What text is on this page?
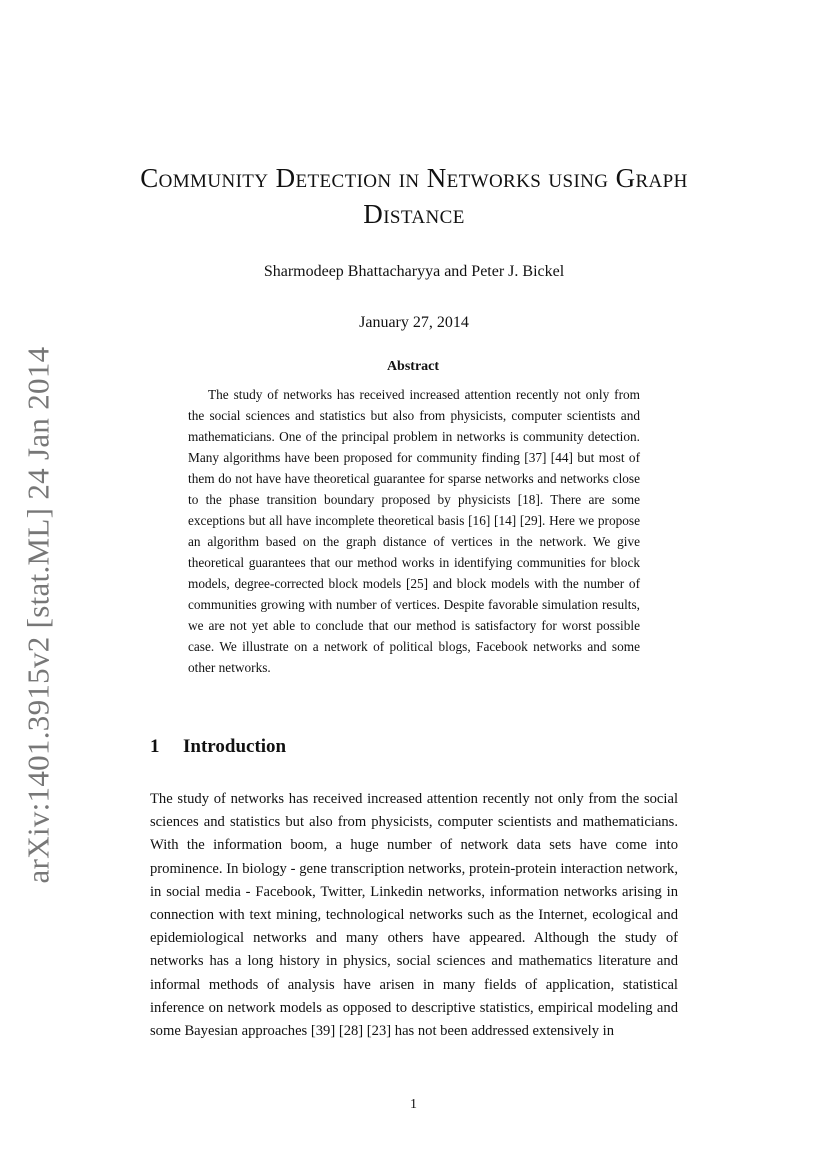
arXiv:1401.3915v2 [stat.ML] 24 Jan 2014
Community Detection in Networks using Graph Distance
Sharmodeep Bhattacharyya and Peter J. Bickel
January 27, 2014
Abstract

The study of networks has received increased attention recently not only from the social sciences and statistics but also from physicists, computer scientists and mathematicians. One of the principal problem in networks is community detection. Many algorithms have been proposed for community finding [37] [44] but most of them do not have have theoretical guarantee for sparse networks and networks close to the phase transition boundary proposed by physicists [18]. There are some exceptions but all have incomplete theoretical basis [16] [14] [29]. Here we propose an algorithm based on the graph distance of vertices in the network. We give theoretical guarantees that our method works in identifying communities for block models, degree-corrected block models [25] and block models with the number of communities growing with number of vertices. Despite favorable simulation results, we are not yet able to conclude that our method is satisfactory for worst possible case. We illustrate on a network of political blogs, Facebook networks and some other networks.

1 Introduction

The study of networks has received increased attention recently not only from the social sciences and statistics but also from physicists, computer scientists and mathematicians. With the information boom, a huge number of network data sets have come into prominence. In biology - gene transcription networks, protein-protein interaction network, in social media - Facebook, Twitter, Linkedin networks, information networks arising in connection with text mining, technological networks such as the Internet, ecological and epidemiological networks and many others have appeared. Although the study of networks has a long history in physics, social sciences and mathematics literature and informal methods of analysis have arisen in many fields of application, statistical inference on network models as opposed to descriptive statistics, empirical modeling and some Bayesian approaches [39] [28] [23] has not been addressed extensively in

1
